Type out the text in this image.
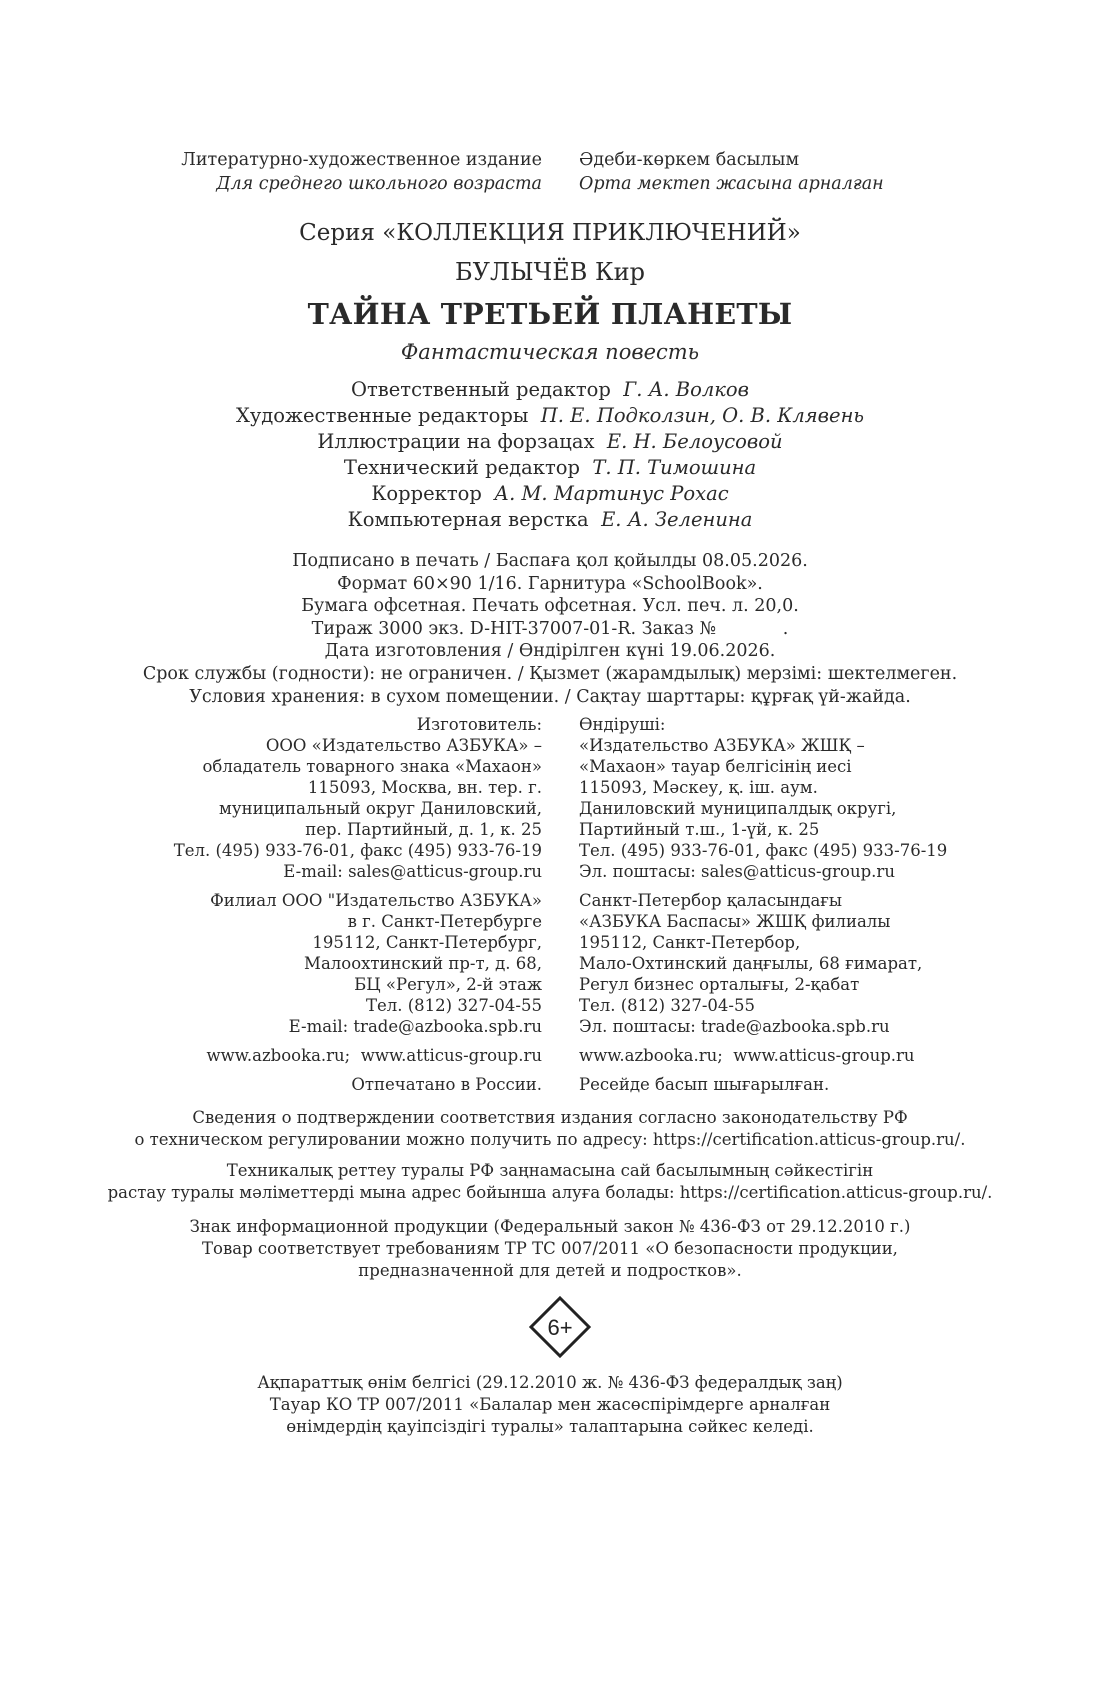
Литературно-художественное издание	Әдеби-көркем басылым
Для среднего школьного возраста	Орта мектеп жасына арналған
Серия «КОЛЛЕКЦИЯ ПРИКЛЮЧЕНИЙ»
БУЛЫЧЁВ Кир
ТАЙНА ТРЕТЬЕЙ ПЛАНЕТЫ
Фантастическая повесть
Ответственный редактор Г. А. Волков
Художественные редакторы П. Е. Подколзин, О. В. Клявень
Иллюстрации на форзацах Е. Н. Белоусовой
Технический редактор Т. П. Тимошина
Корректор А. М. Мартинус Рохас
Компьютерная верстка Е. А. Зеленина
Подписано в печать / Баспаға қол қойылды 08.05.2026.
Формат 60×90 1/16. Гарнитура «SchoolBook».
Бумага офсетная. Печать офсетная. Усл. печ. л. 20,0.
Тираж 3000 экз. D-HIT-37007-01-R. Заказ №            .
Дата изготовления / Өндірілген күні 19.06.2026.
Срок службы (годности): не ограничен. / Қызмет (жарамдылық) мерзімі: шектелмеген.
Условия хранения: в сухом помещении. / Сақтау шарттары: құрғақ үй-жайда.
Изготовитель:	Өндіруші:
ООО «Издательство АЗБУКА» –	«Издательство АЗБУКА» ЖШҚ –
обладатель товарного знака «Махаон»	«Махаон» тауар белгісінің иесі
115093, Москва, вн. тер. г.	115093, Мәскеу, қ. іш. аум.
муниципальный округ Даниловский,	Даниловский муниципалдық округі,
пер. Партийный, д. 1, к. 25	Партийный т.ш., 1-үй, к. 25
Тел. (495) 933-76-01, факс (495) 933-76-19	Тел. (495) 933-76-01, факс (495) 933-76-19
E-mail: sales@atticus-group.ru	Эл. поштасы: sales@atticus-group.ru
Филиал ООО "Издательство АЗБУКА»	Санкт-Петербор қаласындағы
в г. Санкт-Петербурге	«АЗБУКА Баспасы» ЖШҚ филиалы
195112, Санкт-Петербург,	195112, Санкт-Петербор,
Малоохтинский пр-т, д. 68,	Мало-Охтинский даңғылы, 68 ғимарат,
БЦ «Регул», 2-й этаж	Регул бизнес орталығы, 2-қабат
Тел. (812) 327-04-55	Тел. (812) 327-04-55
E-mail: trade@azbooka.spb.ru	Эл. поштасы: trade@azbooka.spb.ru
www.azbooka.ru;  www.atticus-group.ru	www.azbooka.ru;  www.atticus-group.ru
Отпечатано в России.	Ресейде басып шығарылған.
Сведения о подтверждении соответствия издания согласно законодательству РФ
о техническом регулировании можно получить по адресу: https://certification.atticus-group.ru/.
Техникалық реттеу туралы РФ заңнамасына сай басылымның сәйкестігін
растау туралы мәліметтерді мына адрес бойынша алуға болады: https://certification.atticus-group.ru/.
Знак информационной продукции (Федеральный закон № 436-ФЗ от 29.12.2010 г.)
Товар соответствует требованиям ТР ТС 007/2011 «О безопасности продукции,
предназначенной для детей и подростков».
6+
Ақпараттық өнім белгісі (29.12.2010 ж. № 436-ФЗ федералдық заң)
Тауар КО ТР 007/2011 «Балалар мен жасөспірімдерге арналған
өнімдердің қауіпсіздігі туралы» талаптарына сәйкес келеді.
